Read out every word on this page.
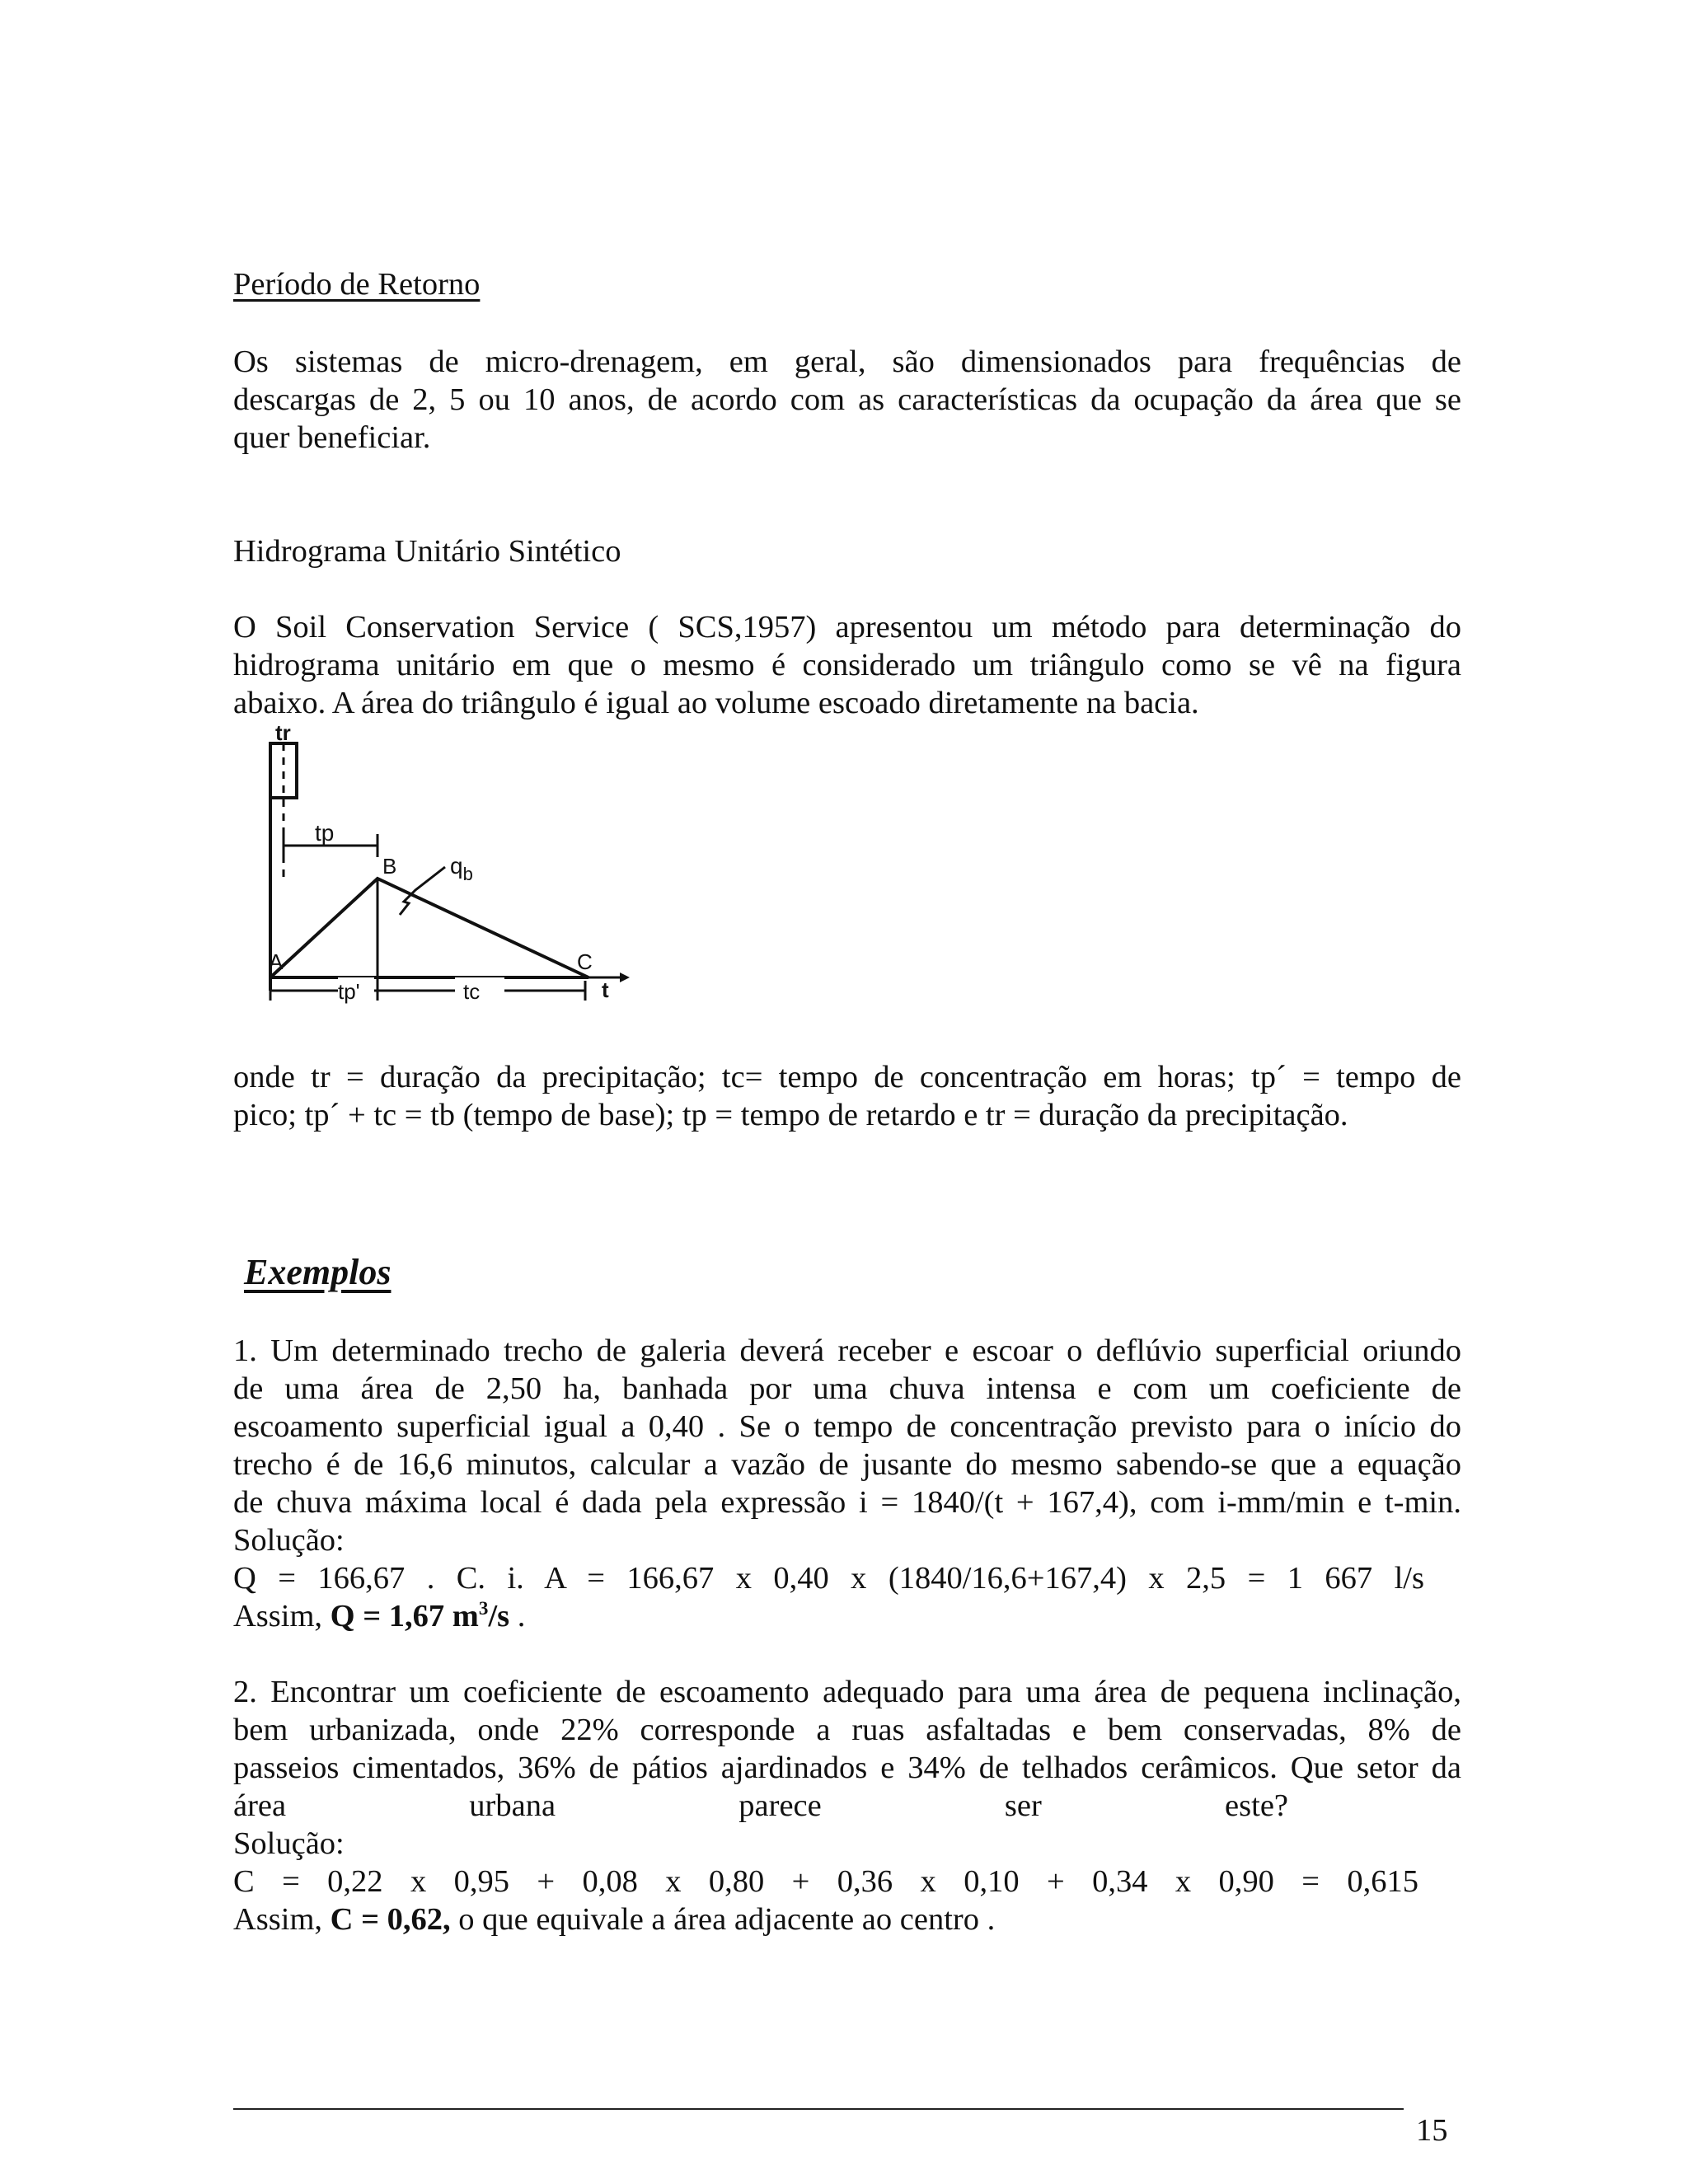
Período de Retorno
Os sistemas de micro-drenagem, em geral, são dimensionados para frequências de
descargas de 2, 5 ou 10 anos, de acordo com as características da ocupação da área que se
quer beneficiar.
Hidrograma Unitário Sintético
O Soil Conservation Service ( SCS,1957) apresentou um método para determinação do
hidrograma unitário em que o mesmo é considerado um triângulo como se vê na figura
abaixo. A área do triângulo é igual ao volume escoado diretamente na bacia.
tr
tp
B $q_b$
A	C
tp'	tc	t
onde tr = duração da precipitação; tc= tempo de concentração em horas; tp´ = tempo de
pico; tp´ + tc = tb (tempo de base); tp = tempo de retardo e tr = duração da precipitação.
Exemplos
1. Um determinado trecho de galeria deverá receber e escoar o deflúvio superficial oriundo
de uma área de 2,50 ha, banhada por uma chuva intensa e com um coeficiente de
escoamento superficial igual a 0,40 . Se o tempo de concentração previsto para o início do
trecho é de 16,6 minutos, calcular a vazão de jusante do mesmo sabendo-se que a equação
de chuva máxima local é dada pela expressão i = 1840/(t + 167,4), com i-mm/min e t-min.
Solução:
Q = 166,67 . C. i. A = 166,67 x 0,40 x (1840/16,6+167,4) x 2,5 = 1 667 l/s
Assim, Q = 1,67 $m^3/s$ .
2. Encontrar um coeficiente de escoamento adequado para uma área de pequena inclinação,
bem urbanizada, onde 22% corresponde a ruas asfaltadas e bem conservadas, 8% de
passeios cimentados, 36% de pátios ajardinados e 34% de telhados cerâmicos. Que setor da
área urbana parece ser este?
Solução:
C = 0,22 x 0,95 + 0,08 x 0,80 + 0,36 x 0,10 + 0,34 x 0,90 = 0,615
Assim, C = 0,62, o que equivale a área adjacente ao centro .
15
